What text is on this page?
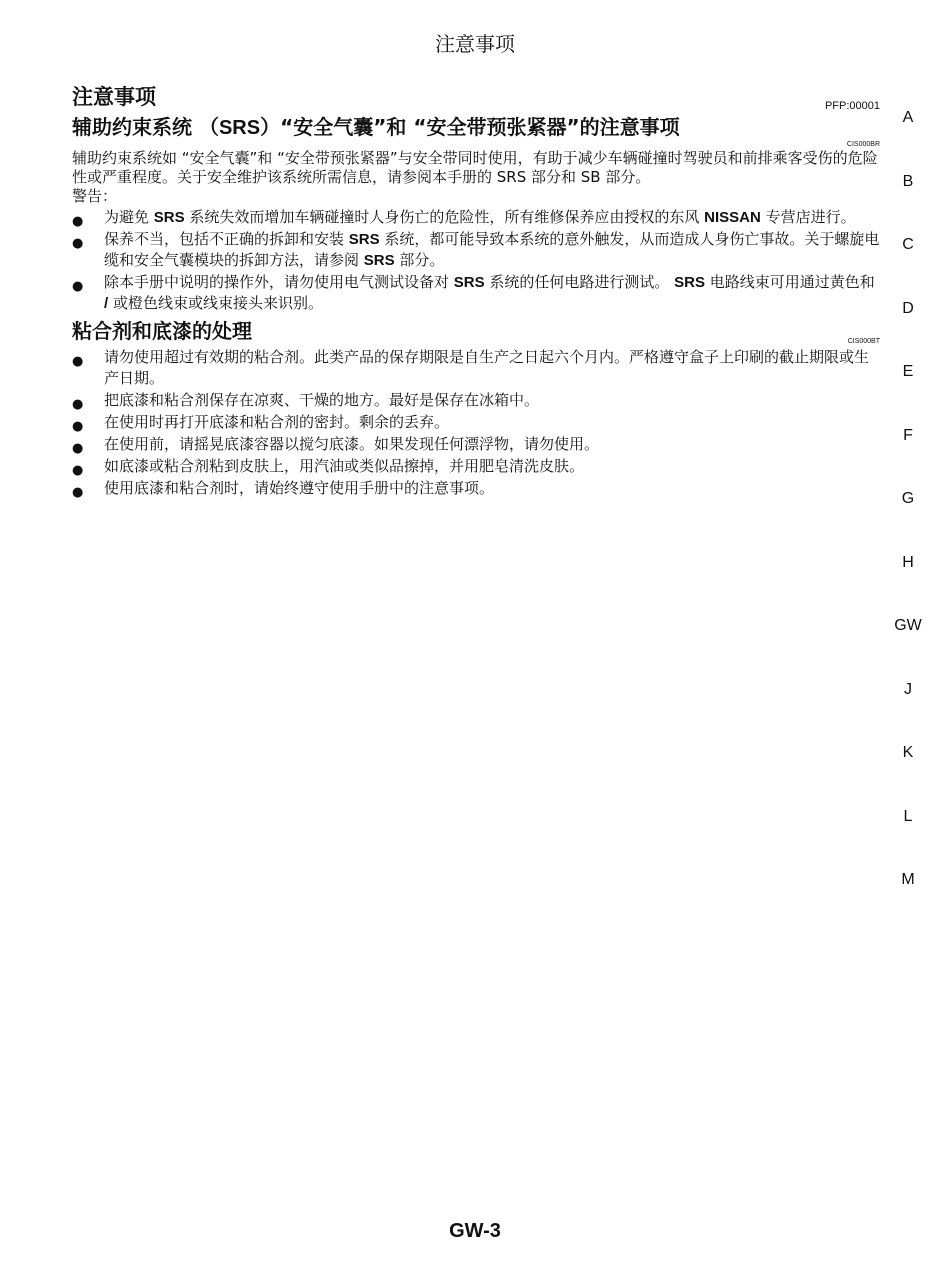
注意事项
注意事项	PFP:00001
辅助约束系统 （SRS）“安全气囊”和 “安全带预张紧器”的注意事项
CIS000BR

辅助约束系统如 “安全气囊”和 “安全带预张紧器”与安全带同时使用，有助于减少车辆碰撞时驾驶员和前排乘客受伤的危险性或严重程度。关于安全维护该系统所需信息，请参阅本手册的 SRS 部分和 SB 部分。

警告：

● 为避免 SRS 系统失效而增加车辆碰撞时人身伤亡的危险性，所有维修保养应由授权的东风 NISSAN 专营店进行。
● 保养不当，包括不正确的拆卸和安装 SRS 系统，都可能导致本系统的意外触发，从而造成人身伤亡事故。关于螺旋电缆和安全气囊模块的拆卸方法，请参阅 SRS 部分。
● 除本手册中说明的操作外，请勿使用电气测试设备对 SRS 系统的任何电路进行测试。 SRS 电路线束可用通过黄色和 / 或橙色线束或线束接头来识别。
粘合剂和底漆的处理	CIS000BT
● 请勿使用超过有效期的粘合剂。此类产品的保存期限是自生产之日起六个月内。严格遵守盒子上印刷的截止期限或生产日期。
● 把底漆和粘合剂保存在凉爽、干燥的地方。最好是保存在冰箱中。
● 在使用时再打开底漆和粘合剂的密封。剩余的丢弃。
● 在使用前，请摇晃底漆容器以搅匀底漆。如果发现任何漂浮物，请勿使用。
● 如底漆或粘合剂粘到皮肤上，用汽油或类似品擦掉，并用肥皂清洗皮肤。
● 使用底漆和粘合剂时，请始终遵守使用手册中的注意事项。
A
B
C
D
E
F
G
H
GW
J
K
L
M
GW-3
